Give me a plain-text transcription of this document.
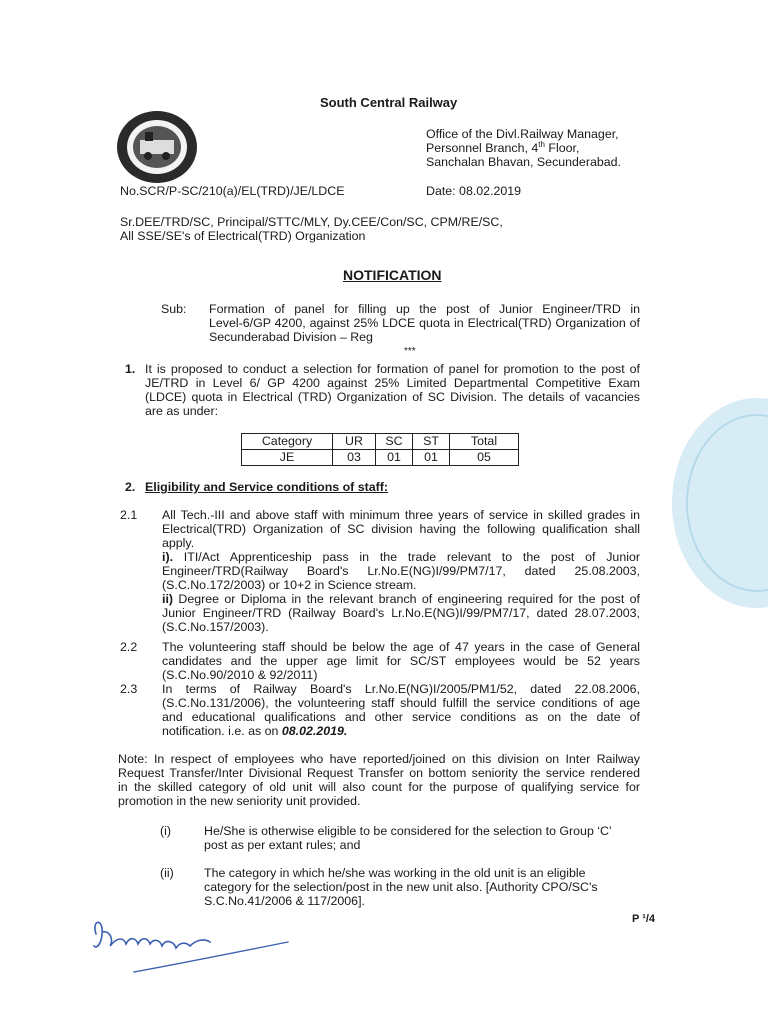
South Central Railway
Office of the Divl.Railway Manager,
Personnel Branch, 4th Floor,
Sanchalan Bhavan, Secunderabad.
No.SCR/P-SC/210(a)/EL(TRD)/JE/LDCE	Date: 08.02.2019
Sr.DEE/TRD/SC, Principal/STTC/MLY, Dy.CEE/Con/SC, CPM/RE/SC,
All SSE/SE's of Electrical(TRD) Organization
NOTIFICATION
Sub: Formation of panel for filling up the post of Junior Engineer/TRD in
Level-6/GP 4200, against 25% LDCE quota in Electrical(TRD) Organization of
Secunderabad Division – Reg
***
1. It is proposed to conduct a selection for formation of panel for promotion to the post of
JE/TRD in Level 6/ GP 4200 against 25% Limited Departmental Competitive Exam
(LDCE) quota in Electrical (TRD) Organization of SC Division. The details of vacancies
are as under:
Category	UR	SC	ST	Total
JE	03	01	01	05
2. Eligibility and Service conditions of staff:
2.1 All Tech.-III and above staff with minimum three years of service in skilled grades in
Electrical(TRD) Organization of SC division having the following qualification shall
apply.
i). ITI/Act Apprenticeship pass in the trade relevant to the post of Junior
Engineer/TRD(Railway Board's Lr.No.E(NG)I/99/PM7/17, dated 25.08.2003,
(S.C.No.172/2003) or 10+2 in Science stream.
ii) Degree or Diploma in the relevant branch of engineering required for the post of
Junior Engineer/TRD (Railway Board's Lr.No.E(NG)I/99/PM7/17, dated 28.07.2003,
(S.C.No.157/2003).
2.2 The volunteering staff should be below the age of 47 years in the case of General
candidates and the upper age limit for SC/ST employees would be 52 years
(S.C.No.90/2010 & 92/2011)
2.3 In terms of Railway Board's Lr.No.E(NG)I/2005/PM1/52, dated 22.08.2006,
(S.C.No.131/2006), the volunteering staff should fulfill the service conditions of age
and educational qualifications and other service conditions as on the date of
notification. i.e. as on 08.02.2019.
Note: In respect of employees who have reported/joined on this division on Inter Railway
Request Transfer/Inter Divisional Request Transfer on bottom seniority the service rendered
in the skilled category of old unit will also count for the purpose of qualifying service for
promotion in the new seniority unit provided.
(i)	He/She is otherwise eligible to be considered for the selection to Group ‘C’
post as per extant rules; and
(ii) The category in which he/she was working in the old unit is an eligible
category for the selection/post in the new unit also. [Authority CPO/SC's
S.C.No.41/2006 & 117/2006].
P ¹/4
